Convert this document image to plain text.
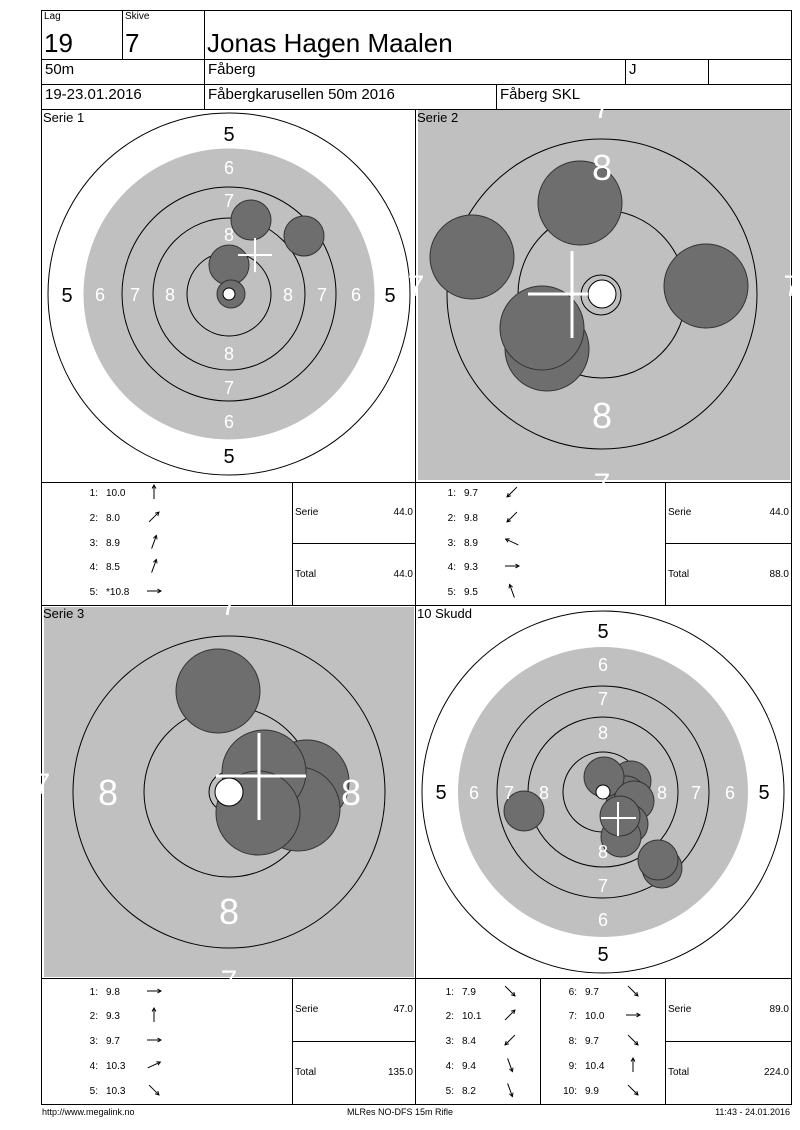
Lag
19
Skive
7	Jonas Hagen Maalen
50m	Fåberg	J
19-23.01.2016	Fåbergkarusellen 50m 2016	Fåberg SKL
Serie 1	Serie 2
Serie 3	10 Skudd
5
5
5	5
6
6
6	6
7
7
7	7
8
8
8	8
8
8
7
7
7	7
8	8
8
7
7
7
5
5
5	5
6
6
6	6
7
7
7	7
8
8
8	8
1: 10.0
2: 8.0
3: 8.9
4: 8.5
5: *10.8
Serie	44.0
Total	44.0
1: 9.7
2: 9.8
3: 8.9
4: 9.3
5: 9.5
Serie	44.0
Total	88.0
1: 9.8
2: 9.3
3: 9.7
4: 10.3
5: 10.3
Serie	47.0
Total	135.0
1: 7.9
2: 10.1
3: 8.4
4: 9.4
5: 8.2
6: 9.7
7: 10.0
8: 9.7
9: 10.4
10: 9.9
Serie	89.0
Total	224.0
http://www.megalink.no	MLRes NO-DFS 15m Rifle	11:43 - 24.01.2016
